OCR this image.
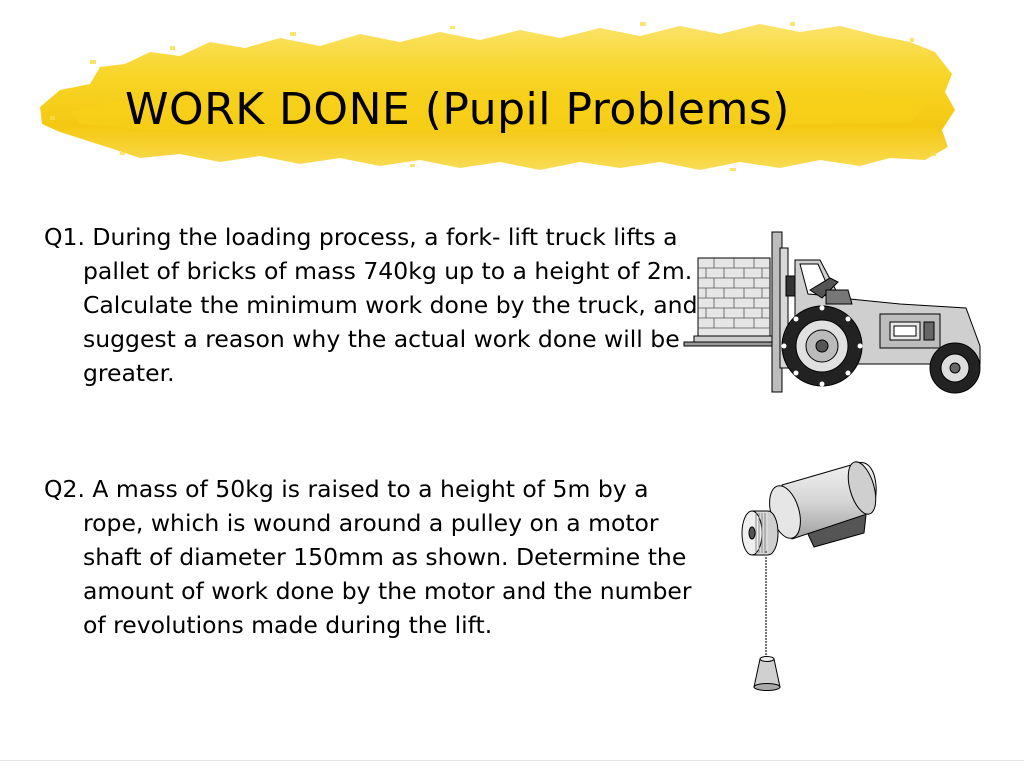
WORK DONE (Pupil Problems)

Q1. During the loading process, a fork- lift truck lifts a pallet of bricks of mass 740kg up to a height of 2m. Calculate the minimum work done by the truck, and suggest a reason why the actual work done will be greater.

Q2. A mass of 50kg is raised to a height of 5m by a rope, which is wound around a pulley on a motor shaft of diameter 150mm as shown. Determine the amount of work done by the motor and the number of revolutions made during the lift.
